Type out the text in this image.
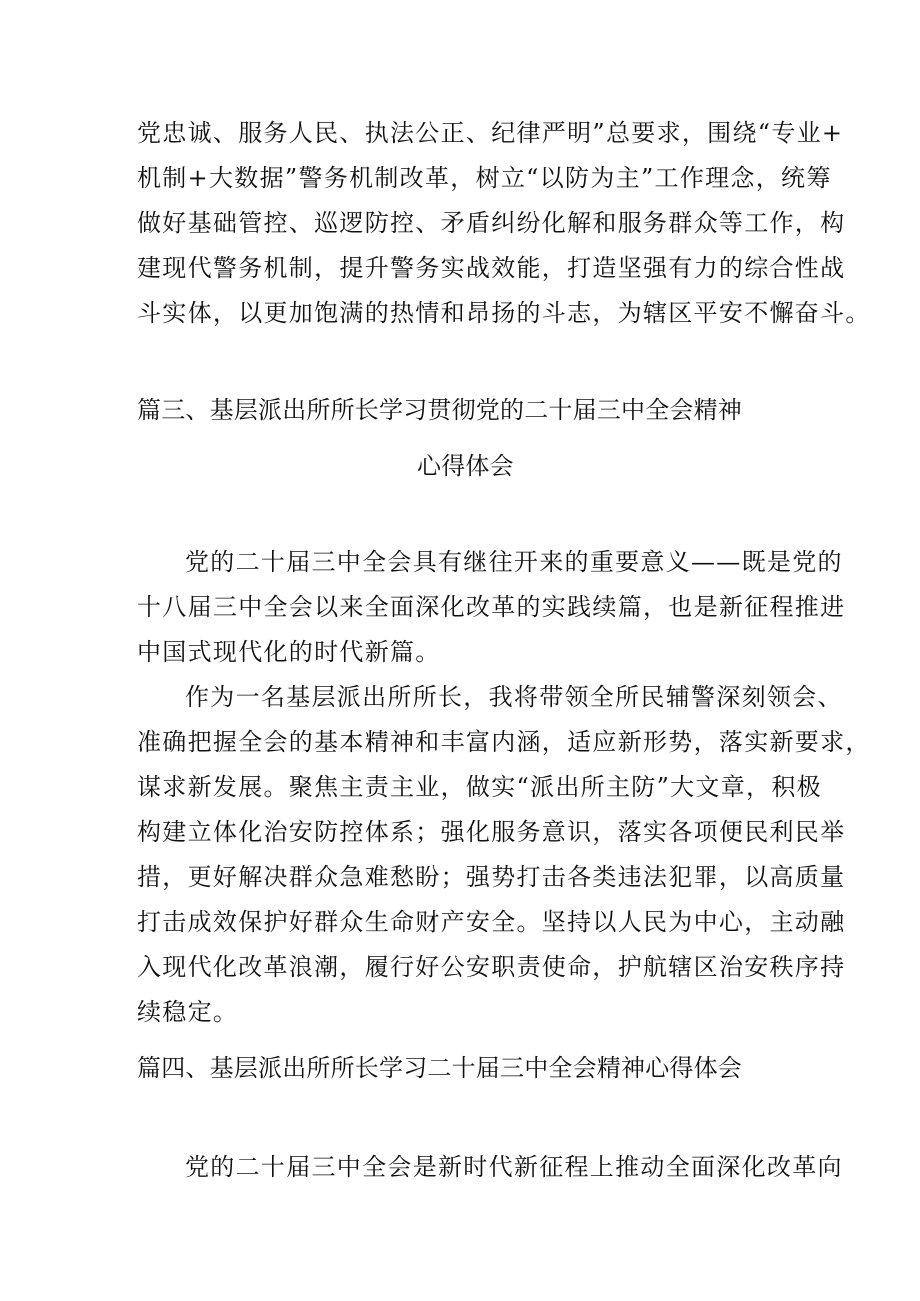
党忠诚、服务人民、执法公正、纪律严明”总要求，围绕“专业+
机制+大数据”警务机制改革，树立“以防为主”工作理念，统筹
做好基础管控、巡逻防控、矛盾纠纷化解和服务群众等工作，构
建现代警务机制，提升警务实战效能，打造坚强有力的综合性战
斗实体，以更加饱满的热情和昂扬的斗志，为辖区平安不懈奋斗。
篇三、基层派出所所长学习贯彻党的二十届三中全会精神
心得体会
党的二十届三中全会具有继往开来的重要意义——既是党的
十八届三中全会以来全面深化改革的实践续篇，也是新征程推进
中国式现代化的时代新篇。
作为一名基层派出所所长，我将带领全所民辅警深刻领会、
准确把握全会的基本精神和丰富内涵，适应新形势，落实新要求，
谋求新发展。聚焦主责主业，做实“派出所主防”大文章，积极
构建立体化治安防控体系；强化服务意识，落实各项便民利民举
措，更好解决群众急难愁盼；强势打击各类违法犯罪，以高质量
打击成效保护好群众生命财产安全。坚持以人民为中心，主动融
入现代化改革浪潮，履行好公安职责使命，护航辖区治安秩序持
续稳定。
篇四、基层派出所所长学习二十届三中全会精神心得体会
党的二十届三中全会是新时代新征程上推动全面深化改革向
